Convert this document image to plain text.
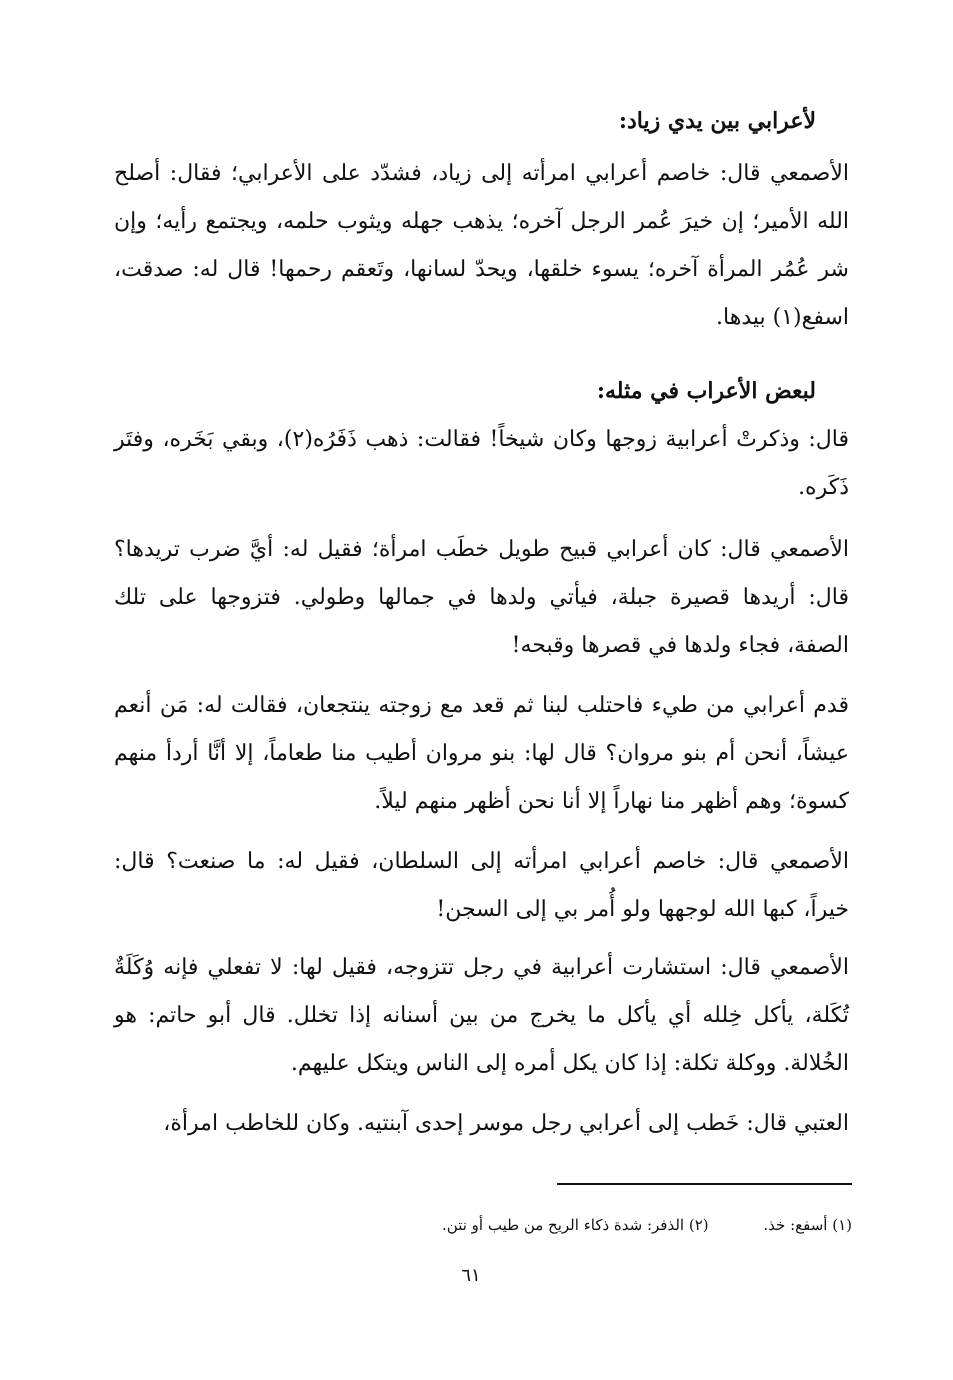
لأعرابي بين يدي زياد:

الأصمعي قال: خاصم أعرابي امرأته إلى زياد، فشدّد على الأعرابي؛ فقال: أصلح الله الأمير؛ إن خيرَ عُمر الرجل آخره؛ يذهب جهله ويثوب حلمه، ويجتمع رأيه؛ وإن شر عُمُر المرأة آخره؛ يسوء خلقها، ويحدّ لسانها، وتَعقم رحمها! قال له: صدقت، اسفع(١) بيدها.

لبعض الأعراب في مثله:

قال: وذكرتْ أعرابية زوجها وكان شيخاً! فقالت: ذهب ذَفَرُه(٢)، وبقي بَخَره، وفتَر ذَكَره.

الأصمعي قال: كان أعرابي قبيح طويل خطَب امرأة؛ فقيل له: أيَّ ضرب تريدها؟ قال: أريدها قصيرة جبلة، فيأتي ولدها في جمالها وطولي. فتزوجها على تلك الصفة، فجاء ولدها في قصرها وقبحه!

قدم أعرابي من طيء فاحتلب لبنا ثم قعد مع زوجته ينتجعان، فقالت له: مَن أنعم عيشاً، أنحن أم بنو مروان؟ قال لها: بنو مروان أطيب منا طعاماً، إلا أنَّا أردأ منهم كسوة؛ وهم أظهر منا نهاراً إلا أنا نحن أظهر منهم ليلاً.

الأصمعي قال: خاصم أعرابي امرأته إلى السلطان، فقيل له: ما صنعت؟ قال: خيراً، كبها الله لوجهها ولو أُمر بي إلى السجن!

الأصمعي قال: استشارت أعرابية في رجل تتزوجه، فقيل لها: لا تفعلي فإنه وُكَلَةٌ تُكَلة، يأكل خِلله أي يأكل ما يخرج من بين أسنانه إذا تخلل. قال أبو حاتم: هو الخُلالة. ووكلة تكلة: إذا كان يكل أمره إلى الناس ويتكل عليهم.

العتبي قال: خَطب إلى أعرابي رجل موسر إحدى آبنتيه. وكان للخاطب امرأة،

(١) أسفع: خذ. (٢) الذفر: شدة ذكاء الريح من طيب أو نتن.
٦١
